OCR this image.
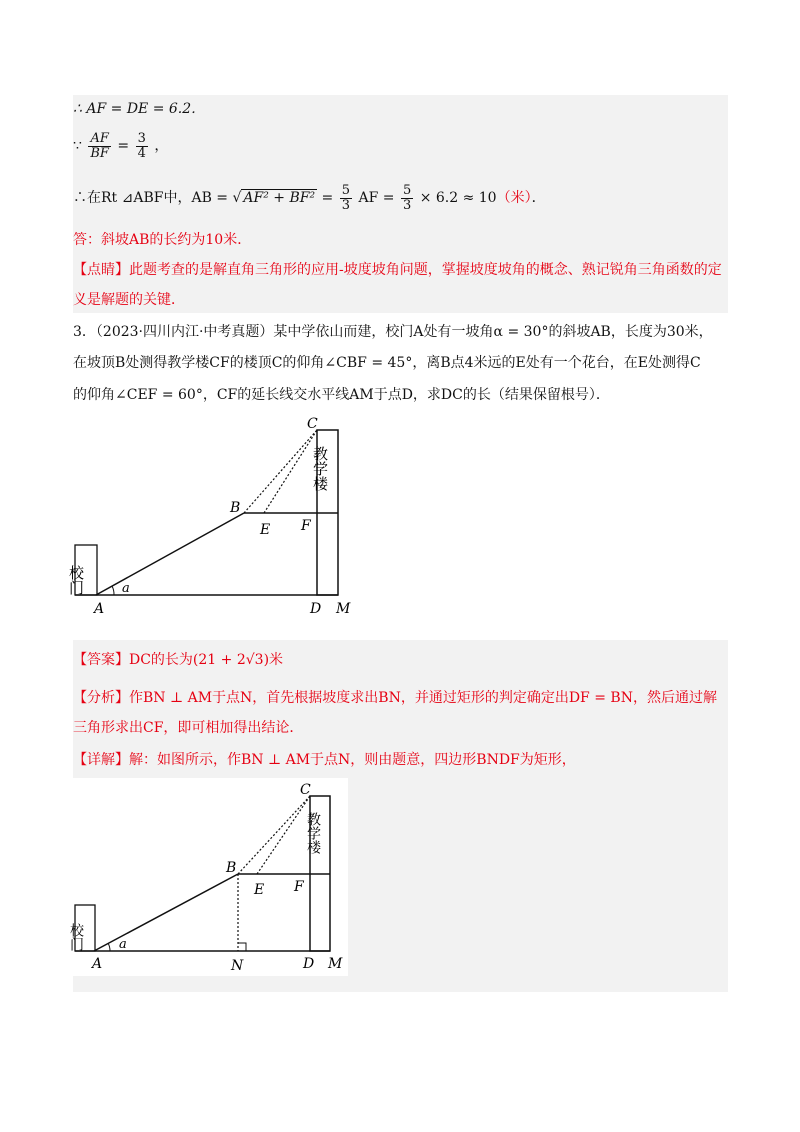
∴ AF = DE = 6.2．
∵ $\frac{AF}{BF} = \frac{3}{4}$ ，
∴在Rt ⊿ABF中，AB = √ $AF^2 + BF^2 = \frac{5}{3}$ AF = $\frac{5}{3} \times 6.2 \approx 10$（米）．
答：斜坡AB的长约为10米．
【点睛】此题考查的是解直角三角形的应用-坡度坡角问题，掌握坡度坡角的概念、熟记锐角三角函数的定
义是解题的关键．
3．（2023·四川内江·中考真题）某中学依山而建，校门A处有一坡角α = 30°的斜坡AB，长度为30米，
在坡顶B处测得教学楼CF的楼顶C的仰角∠CBF = 45°，离B点4米远的E处有一个花台，在E处测得C
的仰角∠CEF = 60°，CF的延长线交水平线AM于点D，求DC的长（结果保留根号）．
校门
教学楼
a
A
B
C
D
E F
M
【答案】DC的长为(21 + 2√3)米
【分析】作BN ⊥ AM于点N，首先根据坡度求出BN，并通过矩形的判定确定出DF = BN，然后通过解
三角形求出CF，即可相加得出结论．
【详解】解：如图所示，作BN ⊥ AM于点N，则由题意，四边形BNDF为矩形，
校门
教学楼
a
A
B
C
N	D
E F
M
